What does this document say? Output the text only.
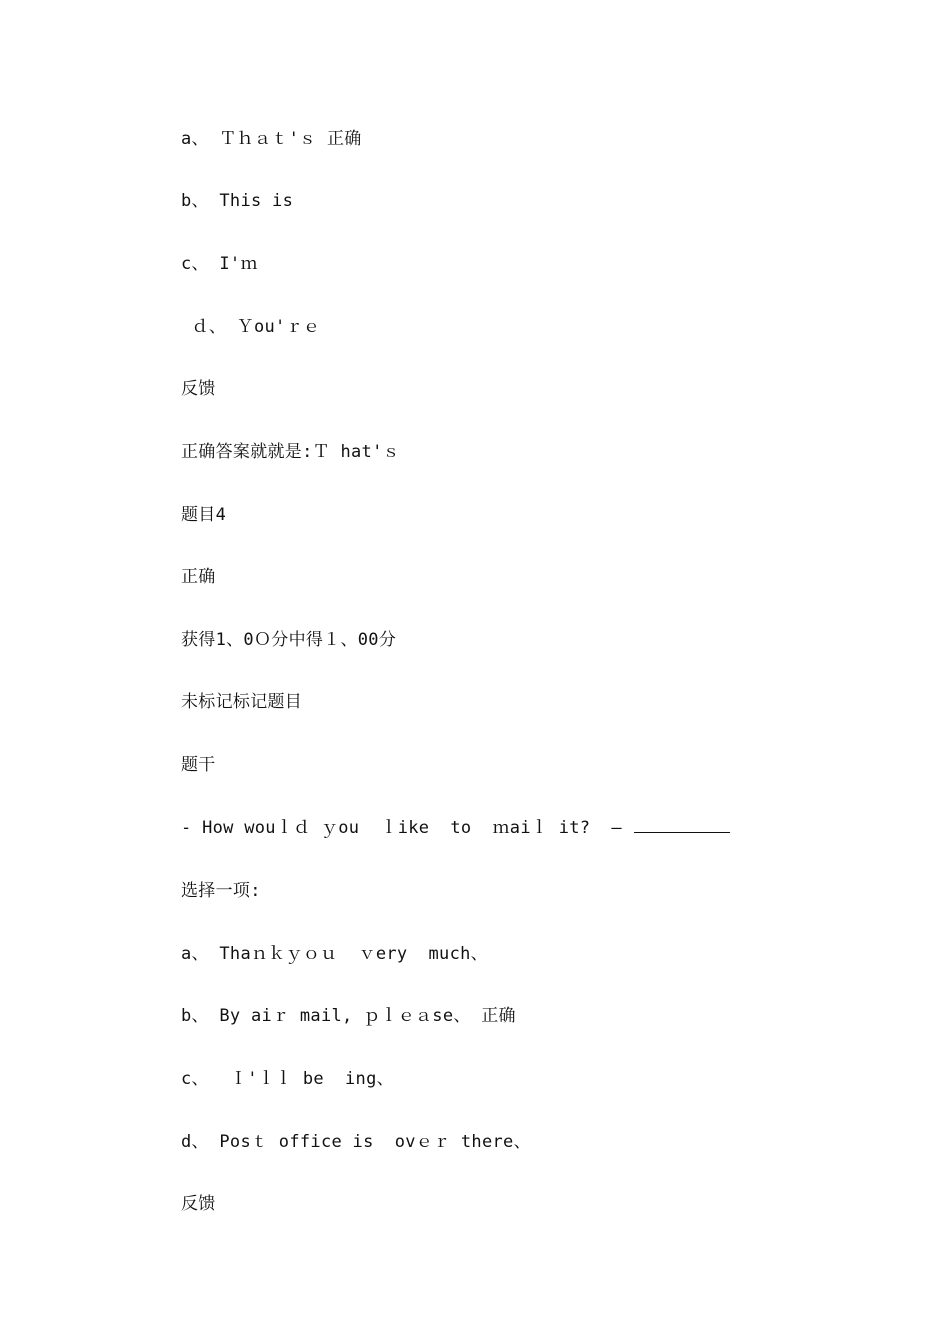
a、 Ｔｈａｔ'ｓ 正确
b、 This is
c、 I'ｍ
ｄ、 Ｙou'ｒｅ
反馈
正确答案就就是:Ｔ hat'ｓ
题目4
正确
获得1、0Ｏ分中得１、00分
未标记标记题目
题干
- How wouｌｄ ｙou  ｌike  to  ｍaiｌ it?  —
选择一项:
a、 Thaｎｋｙｏｕ  ｖery  much、
b、 By aiｒ mail, ｐｌｅａse、 正确
c、  Ｉ'ｌｌ be  ing、
d、 Posｔ office is  ovｅｒ there、
反馈
